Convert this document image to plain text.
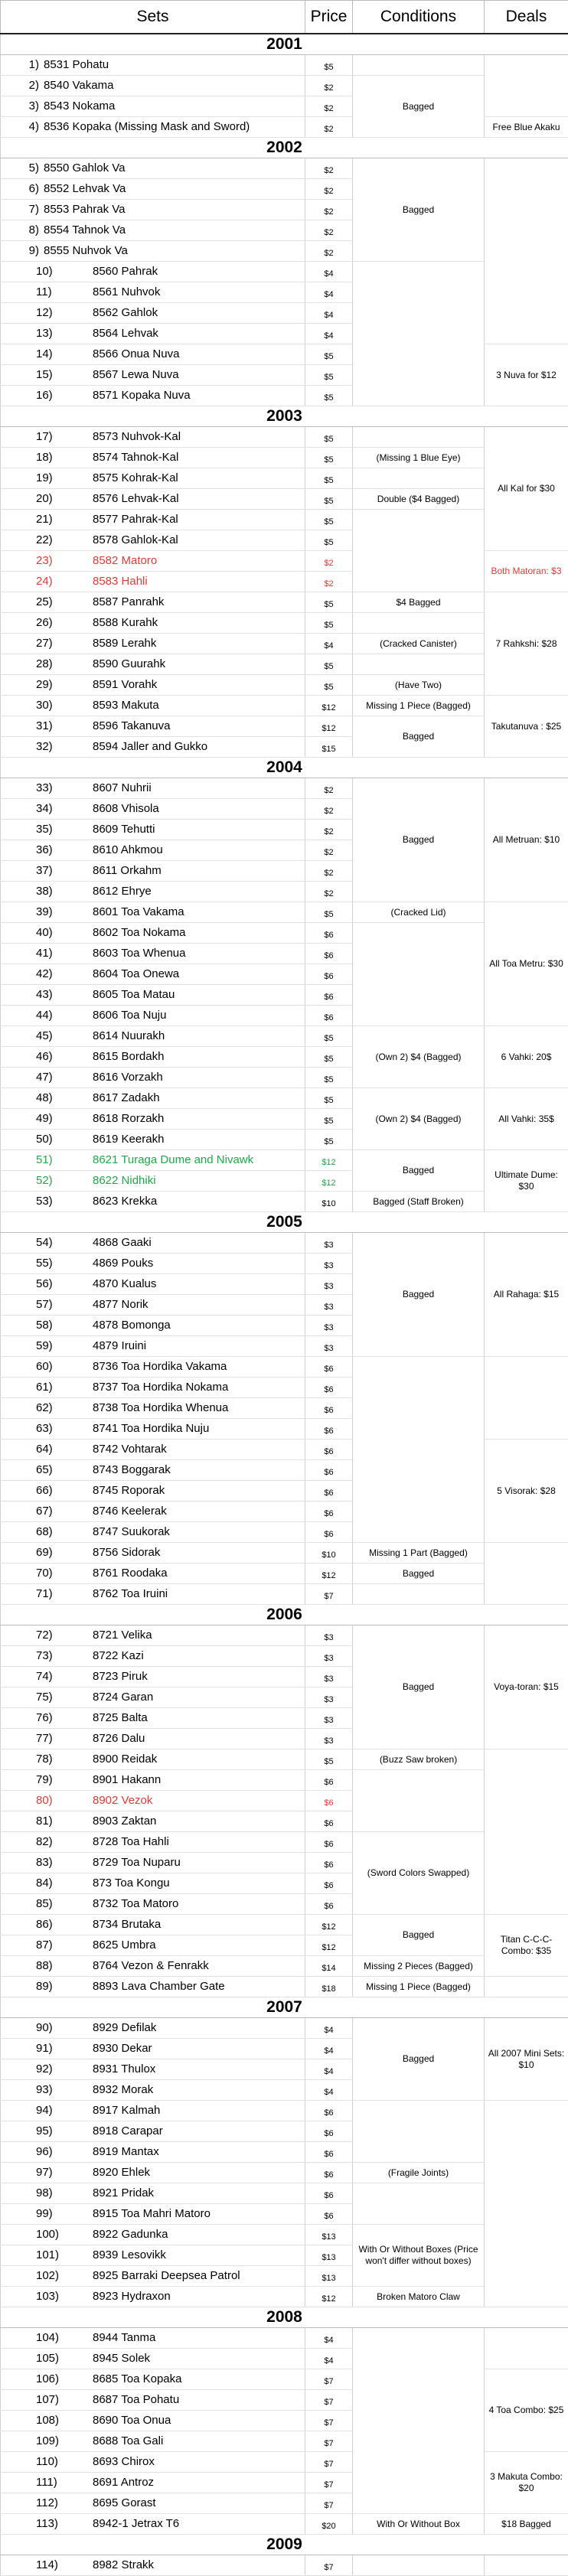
Sets	Price	Conditions	Deals
2001			
1) 8531 Pohatu	$5		
2) 8540 Vakama	$2	Bagged	
3) 8543 Nokama	$2		
4) 8536 Kopaka (Missing Mask and Sword)	$2		Free Blue Akaku
2002			
5) 8550 Gahlok Va	$2	Bagged	
6) 8552 Lehvak Va	$2		
7) 8553 Pahrak Va	$2		
8) 8554 Tahnok Va	$2		
9) 8555 Nuhvok Va	$2		
10) 8560 Pahrak	$4		
11) 8561 Nuhvok	$4		
12) 8562 Gahlok	$4		
13) 8564 Lehvak	$4		
14) 8566 Onua Nuva	$5		3 Nuva for $12
15) 8567 Lewa Nuva	$5		
16) 8571 Kopaka Nuva	$5		
2003			
17) 8573 Nuhvok-Kal	$5		All Kal for $30
18) 8574 Tahnok-Kal	$5	(Missing 1 Blue Eye)	
19) 8575 Kohrak-Kal	$5		
20) 8576 Lehvak-Kal	$5	Double ($4 Bagged)	
21) 8577 Pahrak-Kal	$5		
22) 8578 Gahlok-Kal	$5		
23) 8582 Matoro	$2		Both Matoran: $3
24) 8583 Hahli	$2		
25) 8587 Panrahk	$5	$4 Bagged	7 Rahkshi: $28
26) 8588 Kurahk	$5		
27) 8589 Lerahk	$4	(Cracked Canister)	
28) 8590 Guurahk	$5		
29) 8591 Vorahk	$5	(Have Two)	
30) 8593 Makuta	$12	Missing 1 Piece (Bagged)	Takutanuva : $25
31) 8596 Takanuva	$12	Bagged	
32) 8594 Jaller and Gukko	$15		
2004			
33) 8607 Nuhrii	$2	Bagged	All Metruan: $10
34) 8608 Vhisola	$2		
35) 8609 Tehutti	$2		
36) 8610 Ahkmou	$2		
37) 8611 Orkahm	$2		
38) 8612 Ehrye	$2		
39) 8601 Toa Vakama	$5	(Cracked Lid)	All Toa Metru: $30
40) 8602 Toa Nokama	$6		
41) 8603 Toa Whenua	$6		
42) 8604 Toa Onewa	$6		
43) 8605 Toa Matau	$6		
44) 8606 Toa Nuju	$6		
45) 8614 Nuurakh	$5	(Own 2) $4 (Bagged)	6 Vahki: 20$
46) 8615 Bordakh	$5		
47) 8616 Vorzakh	$5		
48) 8617 Zadakh	$5	(Own 2) $4 (Bagged)	All Vahki: 35$
49) 8618 Rorzakh	$5		
50) 8619 Keerakh	$5		
51) 8621 Turaga Dume and Nivawk	$12	Bagged	Ultimate Dume: $30
52) 8622 Nidhiki	$12		
53) 8623 Krekka	$10	Bagged (Staff Broken)	
2005			
54) 4868 Gaaki	$3	Bagged	All Rahaga: $15
55) 4869 Pouks	$3		
56) 4870 Kualus	$3		
57) 4877 Norik	$3		
58) 4878 Bomonga	$3		
59) 4879 Iruini	$3		
60) 8736 Toa Hordika Vakama	$6		
61) 8737 Toa Hordika Nokama	$6		
62) 8738 Toa Hordika Whenua	$6		
63) 8741 Toa Hordika Nuju	$6		
64) 8742 Vohtarak	$6		5 Visorak: $28
65) 8743 Boggarak	$6		
66) 8745 Roporak	$6		
67) 8746 Keelerak	$6		
68) 8747 Suukorak	$6		
69) 8756 Sidorak	$10	Missing 1 Part (Bagged)	
70) 8761 Roodaka	$12	Bagged	
71) 8762 Toa Iruini	$7		
2006			
72) 8721 Velika	$3	Bagged	Voya-toran: $15
73) 8722 Kazi	$3		
74) 8723 Piruk	$3		
75) 8724 Garan	$3		
76) 8725 Balta	$3		
77) 8726 Dalu	$3		
78) 8900 Reidak	$5	(Buzz Saw broken)	
79) 8901 Hakann	$6		
80) 8902 Vezok	$6		
81) 8903 Zaktan	$6		
82) 8728 Toa Hahli	$6	(Sword Colors Swapped)	
83) 8729 Toa Nuparu	$6		
84) 873 Toa Kongu	$6		
85) 8732 Toa Matoro	$6		
86) 8734 Brutaka	$12	Bagged	Titan C-C-C-Combo: $35
87) 8625 Umbra	$12		
88) 8764 Vezon & Fenrakk	$14	Missing 2 Pieces (Bagged)	
89) 8893 Lava Chamber Gate	$18	Missing 1 Piece (Bagged)	
2007			
90) 8929 Defilak	$4	Bagged	All 2007 Mini Sets: $10
91) 8930 Dekar	$4		
92) 8931 Thulox	$4		
93) 8932 Morak	$4		
94) 8917 Kalmah	$6		
95) 8918 Carapar	$6		
96) 8919 Mantax	$6		
97) 8920 Ehlek	$6	(Fragile Joints)	
98) 8921 Pridak	$6		
99) 8915 Toa Mahri Matoro	$6		
100) 8922 Gadunka	$13	With Or Without Boxes (Price won't differ without boxes)	
101) 8939 Lesovikk	$13		
102) 8925 Barraki Deepsea Patrol	$13		
103) 8923 Hydraxon	$12	Broken Matoro Claw	
2008			
104) 8944 Tanma	$4		
105) 8945 Solek	$4		
106) 8685 Toa Kopaka	$7		4 Toa Combo: $25
107) 8687 Toa Pohatu	$7		
108) 8690 Toa Onua	$7		
109) 8688 Toa Gali	$7		
110) 8693 Chirox	$7		3 Makuta Combo: $20
111) 8691 Antroz	$7		
112) 8695 Gorast	$7		
113) 8942-1 Jetrax T6	$20	With Or Without Box	$18 Bagged
2009			
114) 8982 Strakk	$7		
